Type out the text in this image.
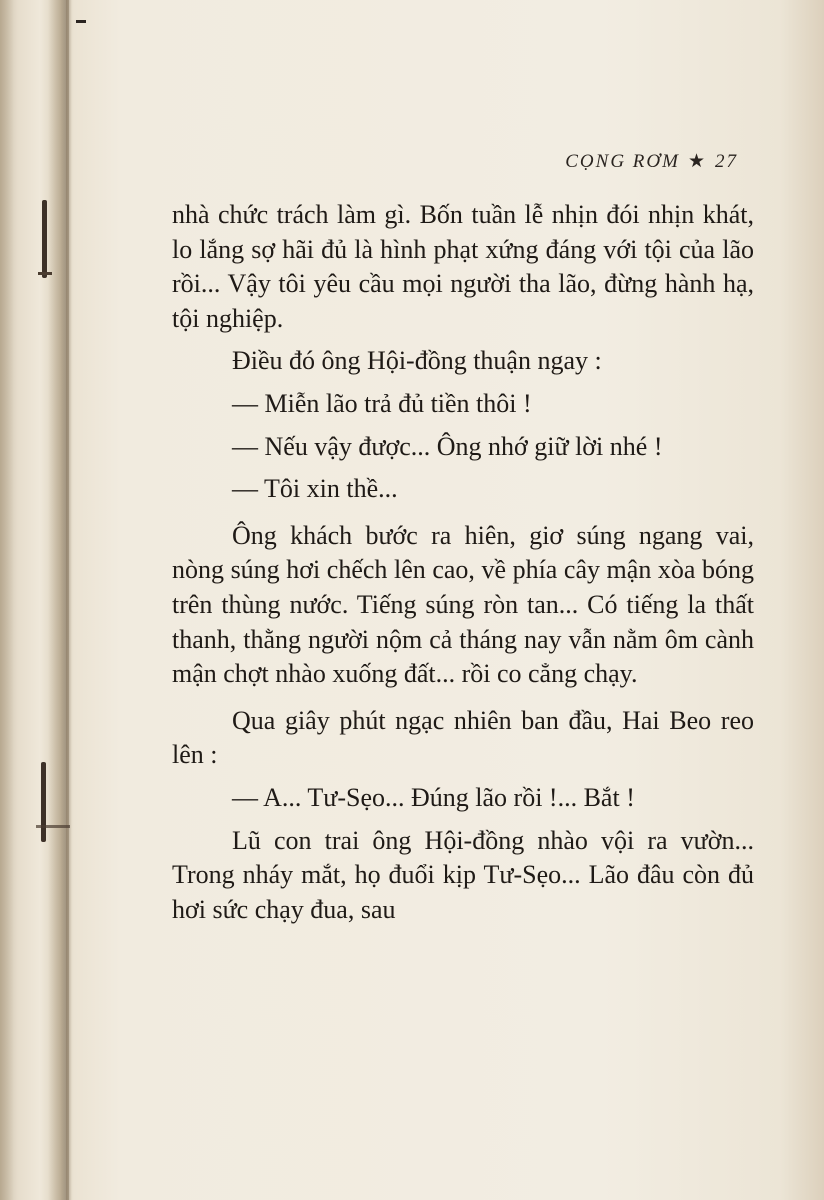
CỌNG RƠM ★ 27

nhà chức trách làm gì. Bốn tuần lễ nhịn đói nhịn khát, lo lắng sợ hãi đủ là hình phạt xứng đáng với tội của lão rồi... Vậy tôi yêu cầu mọi người tha lão, đừng hành hạ, tội nghiệp.

Điều đó ông Hội-đồng thuận ngay :

— Miễn lão trả đủ tiền thôi !

— Nếu vậy được... Ông nhớ giữ lời nhé !

— Tôi xin thề...

Ông khách bước ra hiên, giơ súng ngang vai, nòng súng hơi chếch lên cao, về phía cây mận xòa bóng trên thùng nước. Tiếng súng ròn tan... Có tiếng la thất thanh, thằng người nộm cả tháng nay vẫn nằm ôm cành mận chợt nhào xuống đất... rồi co cẳng chạy.

Qua giây phút ngạc nhiên ban đầu, Hai Beo reo lên :

— A... Tư-Sẹo... Đúng lão rồi !... Bắt !

Lũ con trai ông Hội-đồng nhào vội ra vườn... Trong nháy mắt, họ đuổi kịp Tư-Sẹo... Lão đâu còn đủ hơi sức chạy đua, sau
